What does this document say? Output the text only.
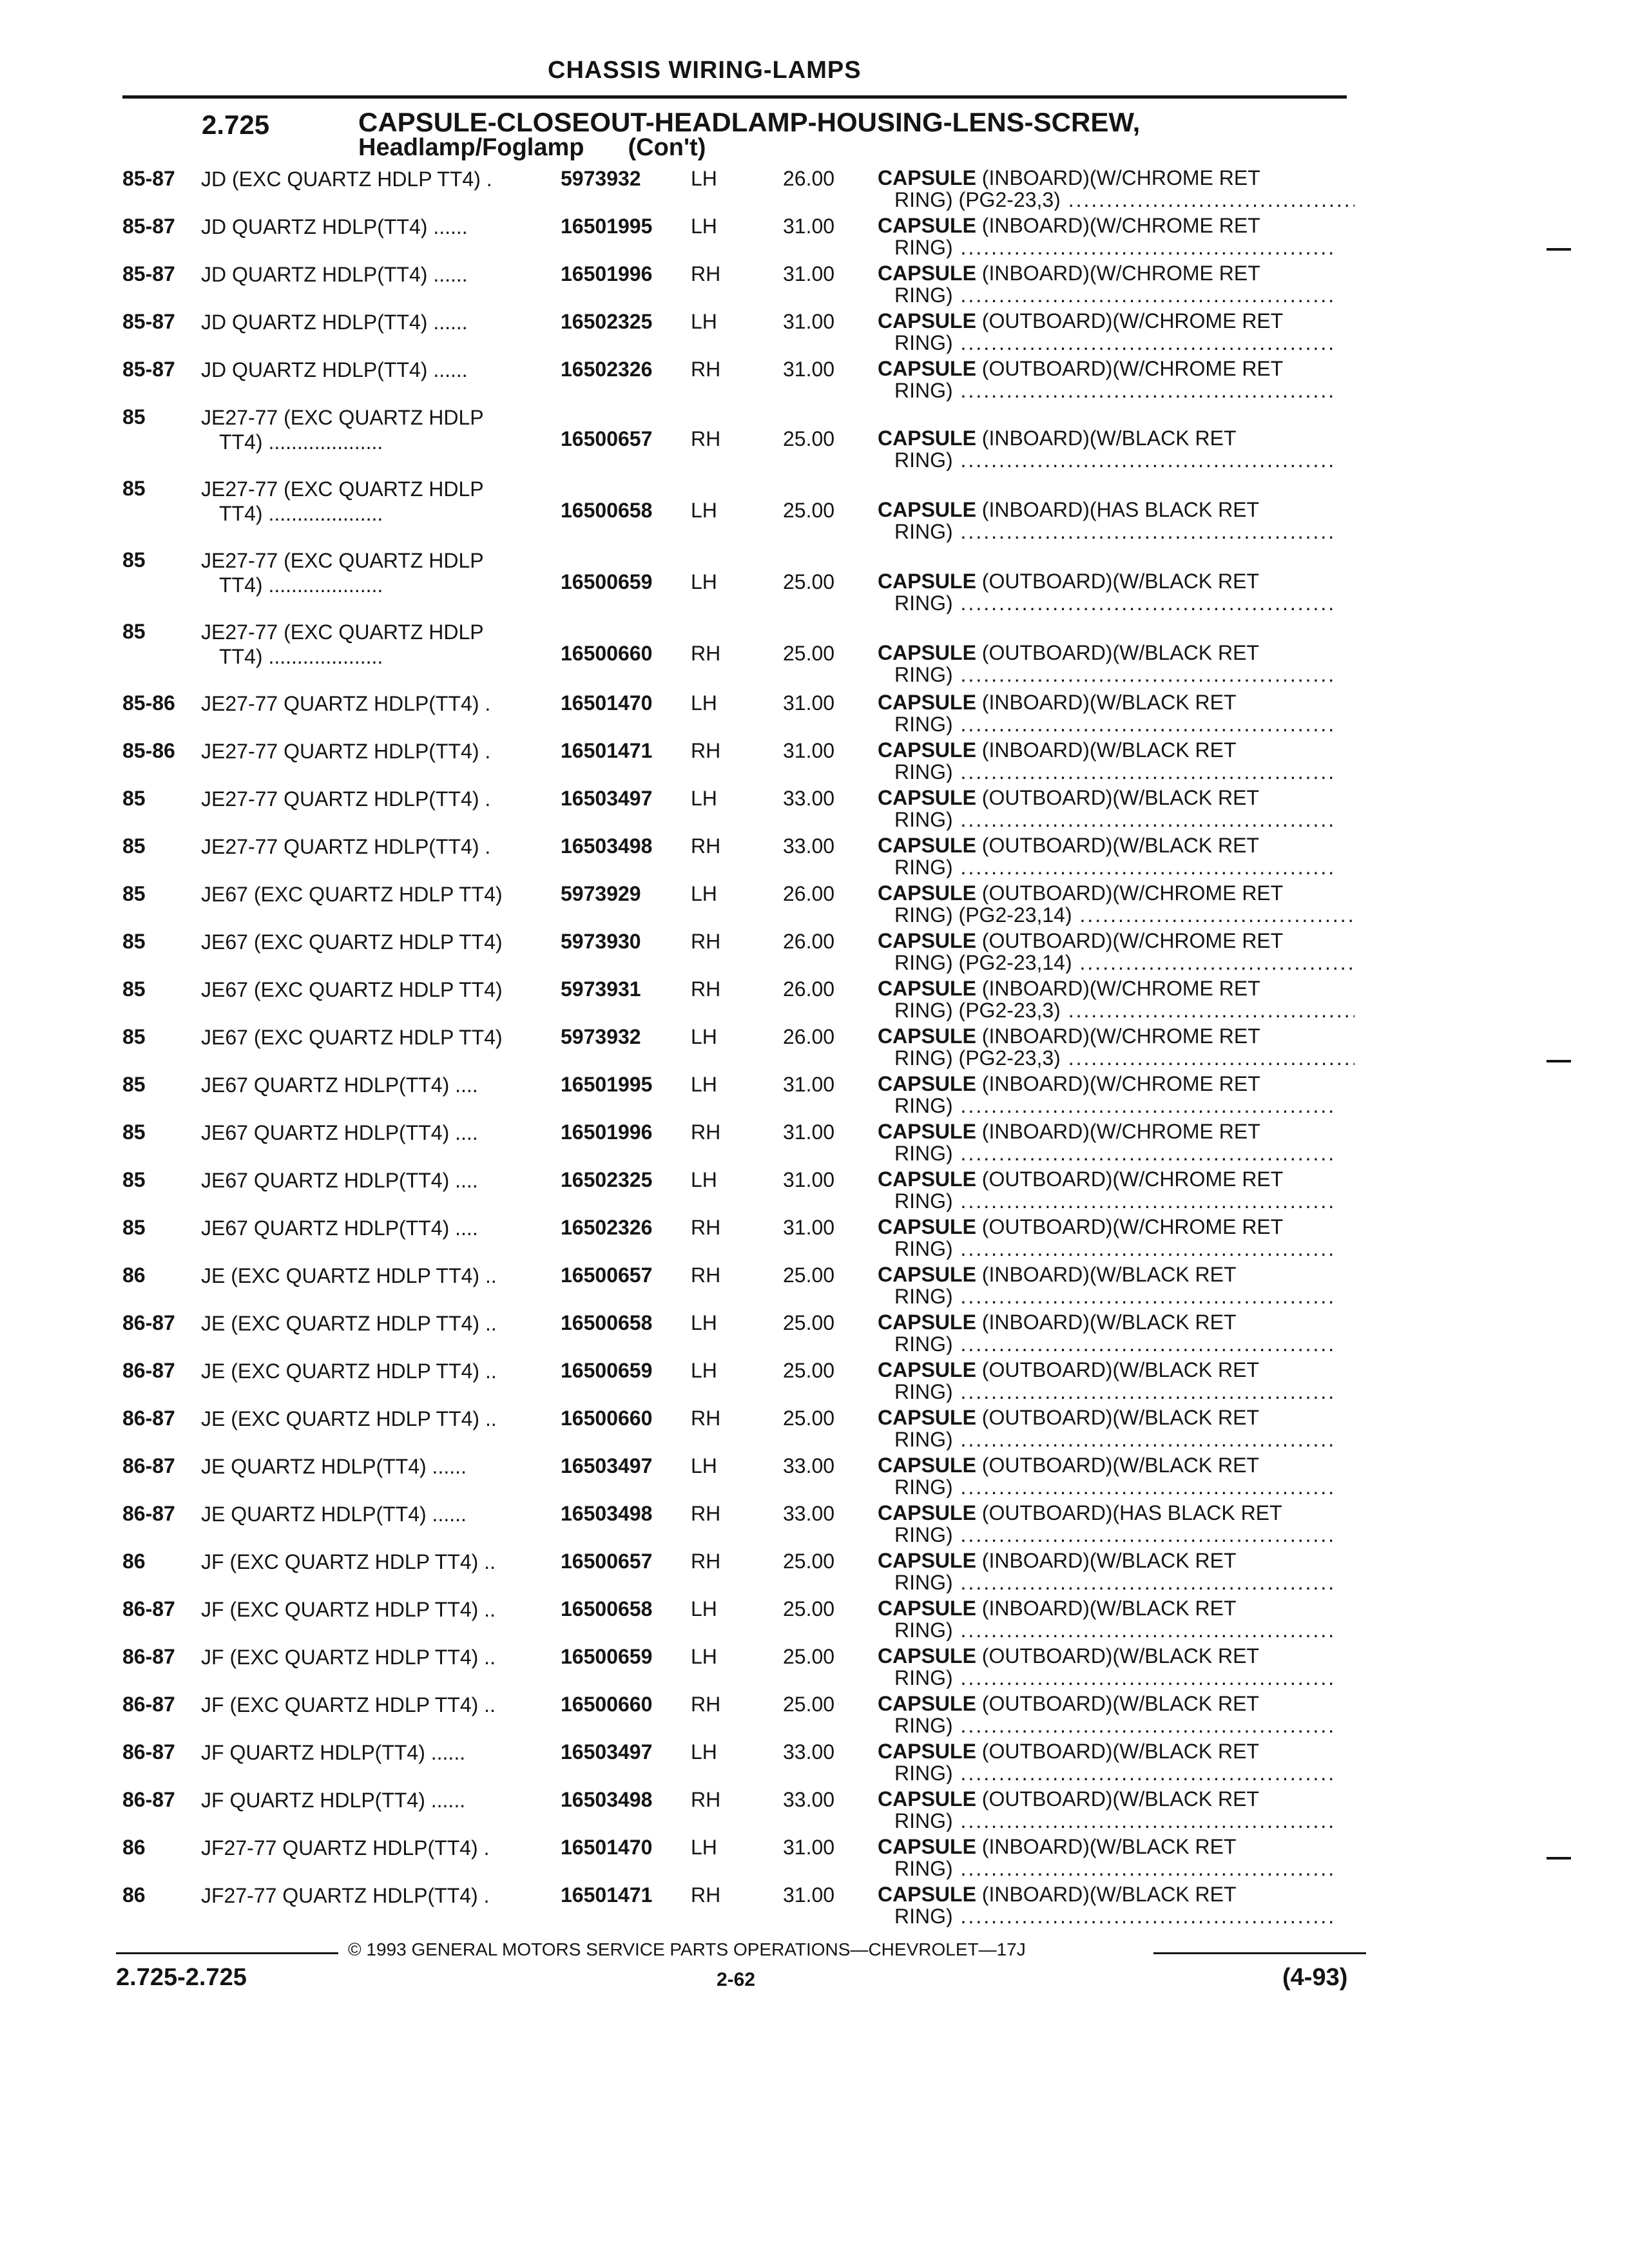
CHASSIS WIRING-LAMPS
2.725	CAPSULE-CLOSEOUT-HEADLAMP-HOUSING-LENS-SCREW,
Headlamp/Foglamp (Con't)
85-87 JD (EXC QUARTZ HDLP TT4) .	5973932 LH	26.00 CAPSULE (INBOARD)(W/CHROME RET
RING) (PG2-23,3) .....
85-87 JD QUARTZ HDLP(TT4) ......	16501995 LH	31.00 CAPSULE (INBOARD)(W/CHROME RET
RING) .....
85-87 JD QUARTZ HDLP(TT4) ......	16501996 RH	31.00 CAPSULE (INBOARD)(W/CHROME RET
RING) .....
85-87 JD QUARTZ HDLP(TT4) ......	16502325 LH	31.00 CAPSULE (OUTBOARD)(W/CHROME RET
RING) .....
85-87 JD QUARTZ HDLP(TT4) ......	16502326 RH	31.00 CAPSULE (OUTBOARD)(W/CHROME RET
RING) .....
85	JE27-77 (EXC QUARTZ HDLP
TT4) ....................	16500657 RH	25.00 CAPSULE (INBOARD)(W/BLACK RET
RING) .....
85	JE27-77 (EXC QUARTZ HDLP
TT4) ....................	16500658 LH	25.00 CAPSULE (INBOARD)(HAS BLACK RET
RING) .....
85	JE27-77 (EXC QUARTZ HDLP
TT4) ....................	16500659 LH	25.00 CAPSULE (OUTBOARD)(W/BLACK RET
RING) .....
85	JE27-77 (EXC QUARTZ HDLP
TT4) ....................	16500660 RH	25.00 CAPSULE (OUTBOARD)(W/BLACK RET
RING) .....
85-86 JE27-77 QUARTZ HDLP(TT4) .	16501470 LH	31.00 CAPSULE (INBOARD)(W/BLACK RET
RING) .....
85-86 JE27-77 QUARTZ HDLP(TT4) .	16501471 RH	31.00 CAPSULE (INBOARD)(W/BLACK RET
RING) .....
85	JE27-77 QUARTZ HDLP(TT4) .	16503497 LH	33.00 CAPSULE (OUTBOARD)(W/BLACK RET
RING) .....
85	JE27-77 QUARTZ HDLP(TT4) .	16503498 RH	33.00 CAPSULE (OUTBOARD)(W/BLACK RET
RING) .....
85	JE67 (EXC QUARTZ HDLP TT4)	5973929 LH	26.00 CAPSULE (OUTBOARD)(W/CHROME RET
RING) (PG2-23,14) .....
85	JE67 (EXC QUARTZ HDLP TT4)	5973930 RH	26.00 CAPSULE (OUTBOARD)(W/CHROME RET
RING) (PG2-23,14) .....
85	JE67 (EXC QUARTZ HDLP TT4)	5973931 RH	26.00 CAPSULE (INBOARD)(W/CHROME RET
RING) (PG2-23,3) .....
85	JE67 (EXC QUARTZ HDLP TT4)	5973932 LH	26.00 CAPSULE (INBOARD)(W/CHROME RET
RING) (PG2-23,3) .....
85	JE67 QUARTZ HDLP(TT4) ....	16501995 LH	31.00 CAPSULE (INBOARD)(W/CHROME RET
RING) .....
85	JE67 QUARTZ HDLP(TT4) ....	16501996 RH	31.00 CAPSULE (INBOARD)(W/CHROME RET
RING) .....
85	JE67 QUARTZ HDLP(TT4) ....	16502325 LH	31.00 CAPSULE (OUTBOARD)(W/CHROME RET
RING) .....
85	JE67 QUARTZ HDLP(TT4) ....	16502326 RH	31.00 CAPSULE (OUTBOARD)(W/CHROME RET
RING) .....
86	JE (EXC QUARTZ HDLP TT4) ..	16500657 RH	25.00 CAPSULE (INBOARD)(W/BLACK RET
RING) .....
86-87 JE (EXC QUARTZ HDLP TT4) ..	16500658 LH	25.00 CAPSULE (INBOARD)(W/BLACK RET
RING) .....
86-87 JE (EXC QUARTZ HDLP TT4) ..	16500659 LH	25.00 CAPSULE (OUTBOARD)(W/BLACK RET
RING) .....
86-87 JE (EXC QUARTZ HDLP TT4) ..	16500660 RH	25.00 CAPSULE (OUTBOARD)(W/BLACK RET
RING) .....
86-87 JE QUARTZ HDLP(TT4) ......	16503497 LH	33.00 CAPSULE (OUTBOARD)(W/BLACK RET
RING) .....
86-87 JE QUARTZ HDLP(TT4) ......	16503498 RH	33.00 CAPSULE (OUTBOARD)(HAS BLACK RET
RING) .....
86	JF (EXC QUARTZ HDLP TT4) ..	16500657 RH	25.00 CAPSULE (INBOARD)(W/BLACK RET
RING) .....
86-87 JF (EXC QUARTZ HDLP TT4) ..	16500658 LH	25.00 CAPSULE (INBOARD)(W/BLACK RET
RING) .....
86-87 JF (EXC QUARTZ HDLP TT4) ..	16500659 LH	25.00 CAPSULE (OUTBOARD)(W/BLACK RET
RING) .....
86-87 JF (EXC QUARTZ HDLP TT4) ..	16500660 RH	25.00 CAPSULE (OUTBOARD)(W/BLACK RET
RING) .....
86-87 JF QUARTZ HDLP(TT4) ......	16503497 LH	33.00 CAPSULE (OUTBOARD)(W/BLACK RET
RING) .....
86-87 JF QUARTZ HDLP(TT4) ......	16503498 RH	33.00 CAPSULE (OUTBOARD)(W/BLACK RET
RING) .....
86	JF27-77 QUARTZ HDLP(TT4) .	16501470 LH	31.00 CAPSULE (INBOARD)(W/BLACK RET
RING) .....
86	JF27-77 QUARTZ HDLP(TT4) .	16501471 RH	31.00 CAPSULE (INBOARD)(W/BLACK RET
RING) .....
© 1993 GENERAL MOTORS SERVICE PARTS OPERATIONS—CHEVROLET—17J
2.725-2.725	2-62	(4-93)
